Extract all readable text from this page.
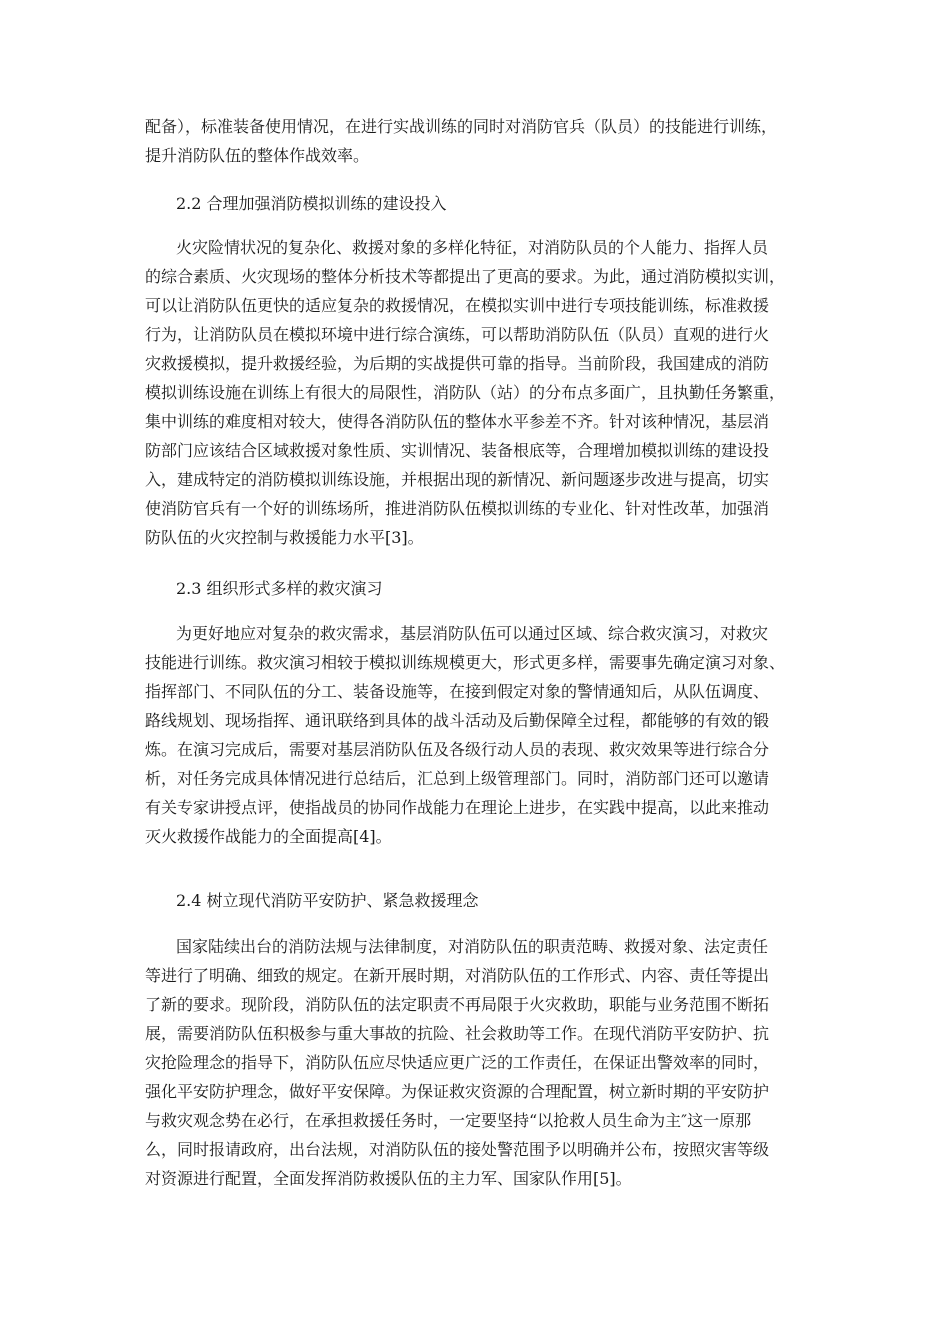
配备），标准装备使用情况，在进行实战训练的同时对消防官兵（队员）的技能进行训练，
提升消防队伍的整体作战效率。
2.2 合理加强消防模拟训练的建设投入
火灾险情状况的复杂化、救援对象的多样化特征，对消防队员的个人能力、指挥人员
的综合素质、火灾现场的整体分析技术等都提出了更高的要求。为此，通过消防模拟实训，
可以让消防队伍更快的适应复杂的救援情况，在模拟实训中进行专项技能训练，标准救援
行为，让消防队员在模拟环境中进行综合演练，可以帮助消防队伍（队员）直观的进行火
灾救援模拟，提升救援经验，为后期的实战提供可靠的指导。当前阶段，我国建成的消防
模拟训练设施在训练上有很大的局限性，消防队（站）的分布点多面广，且执勤任务繁重，
集中训练的难度相对较大，使得各消防队伍的整体水平参差不齐。针对该种情况，基层消
防部门应该结合区域救援对象性质、实训情况、装备根底等，合理增加模拟训练的建设投
入，建成特定的消防模拟训练设施，并根据出现的新情况、新问题逐步改进与提高，切实
使消防官兵有一个好的训练场所，推进消防队伍模拟训练的专业化、针对性改革，加强消
防队伍的火灾控制与救援能力水平[3]。
2.3 组织形式多样的救灾演习
为更好地应对复杂的救灾需求，基层消防队伍可以通过区域、综合救灾演习，对救灾
技能进行训练。救灾演习相较于模拟训练规模更大，形式更多样，需要事先确定演习对象、
指挥部门、不同队伍的分工、装备设施等，在接到假定对象的警情通知后，从队伍调度、
路线规划、现场指挥、通讯联络到具体的战斗活动及后勤保障全过程，都能够的有效的锻
炼。在演习完成后，需要对基层消防队伍及各级行动人员的表现、救灾效果等进行综合分
析，对任务完成具体情况进行总结后，汇总到上级管理部门。同时，消防部门还可以邀请
有关专家讲授点评，使指战员的协同作战能力在理论上进步，在实践中提高，以此来推动
灭火救援作战能力的全面提高[4]。
2.4 树立现代消防平安防护、紧急救援理念
国家陆续出台的消防法规与法律制度，对消防队伍的职责范畴、救援对象、法定责任
等进行了明确、细致的规定。在新开展时期，对消防队伍的工作形式、内容、责任等提出
了新的要求。现阶段，消防队伍的法定职责不再局限于火灾救助，职能与业务范围不断拓
展，需要消防队伍积极参与重大事故的抗险、社会救助等工作。在现代消防平安防护、抗
灾抢险理念的指导下，消防队伍应尽快适应更广泛的工作责任，在保证出警效率的同时，
强化平安防护理念，做好平安保障。为保证救灾资源的合理配置，树立新时期的平安防护
与救灾观念势在必行，在承担救援任务时，一定要坚持“以抢救人员生命为主″这一原那
么，同时报请政府，出台法规，对消防队伍的接处警范围予以明确并公布，按照灾害等级
对资源进行配置，全面发挥消防救援队伍的主力军、国家队作用[5]。
